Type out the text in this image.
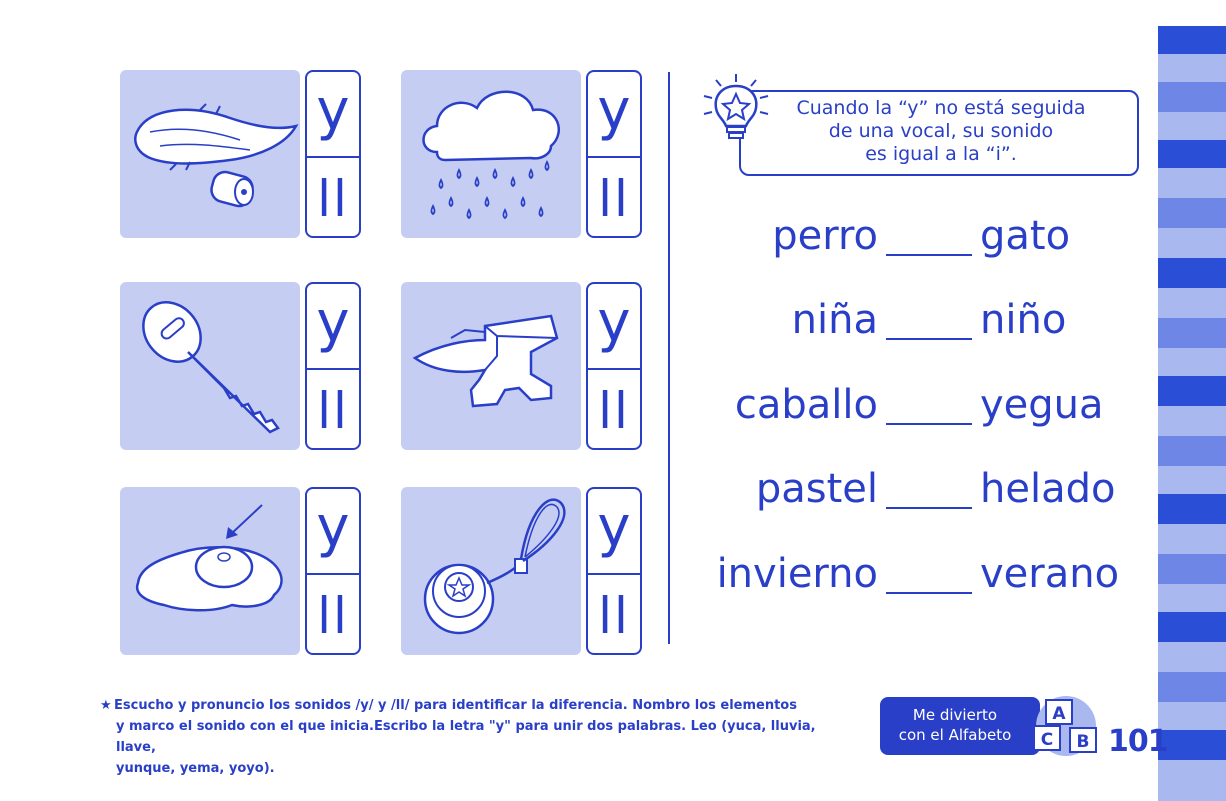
y
ll
y
ll
y
ll
y
ll
y
ll
y
ll
Cuando la “y” no está seguida
de una vocal, su sonido
es igual a la “i”.
perro	gato
niña	niño
caballo	yegua
pastel	helado
invierno	verano
★ Escucho y pronuncio los sonidos /y/ y /ll/ para identificar la diferencia. Nombro los elementos
y marco el sonido con el que inicia.Escribo la letra "y" para unir dos palabras. Leo (yuca, lluvia, llave,
yunque, yema, yoyo).
Me divierto
con el Alfabeto
A
C B 101
